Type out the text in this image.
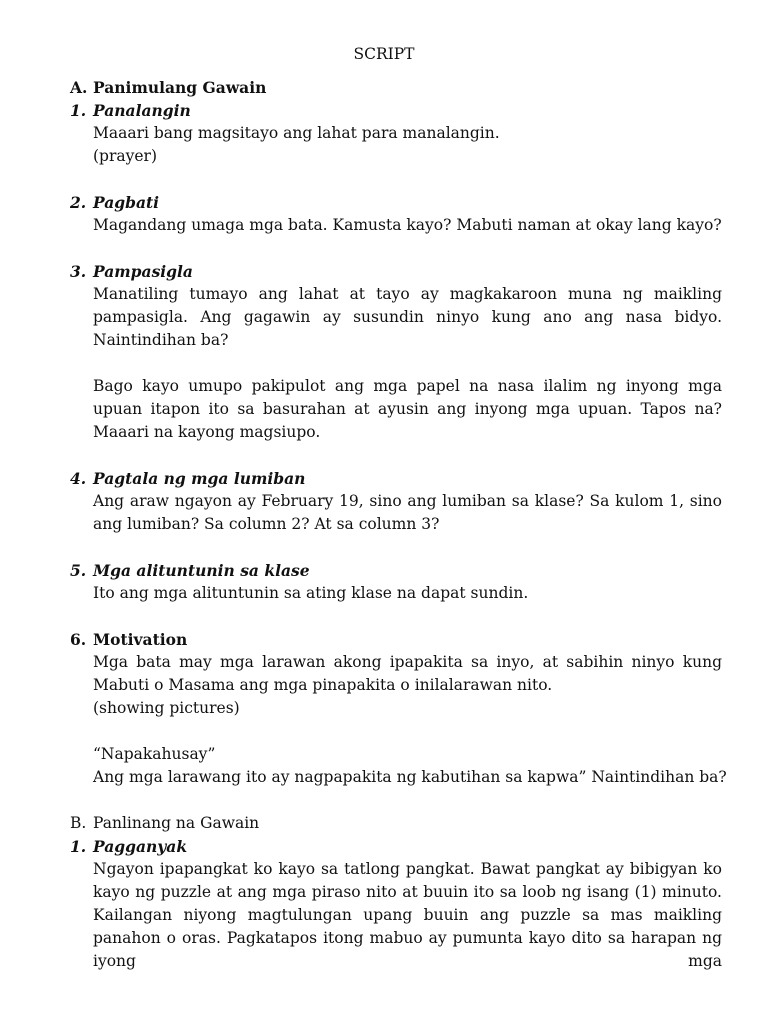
SCRIPT
A. Panimulang Gawain
1. Panalangin
Maaari bang magsitayo ang lahat para manalangin.
(prayer)
2. Pagbati
Magandang umaga mga bata. Kamusta kayo? Mabuti naman at okay lang kayo?
3. Pampasigla
Manatiling tumayo ang lahat at tayo ay magkakaroon muna ng maikling pampasigla. Ang gagawin ay susundin ninyo kung ano ang nasa bidyo. Naintindihan ba?
Bago kayo umupo pakipulot ang mga papel na nasa ilalim ng inyong mga upuan itapon ito sa basurahan at ayusin ang inyong mga upuan. Tapos na? Maaari na kayong magsiupo.
4. Pagtala ng mga lumiban
Ang araw ngayon ay February 19, sino ang lumiban sa klase? Sa kulom 1, sino ang lumiban? Sa column 2? At sa column 3?
5. Mga alituntunin sa klase
Ito ang mga alituntunin sa ating klase na dapat sundin.
6. Motivation
Mga bata may mga larawan akong ipapakita sa inyo, at sabihin ninyo kung Mabuti o Masama ang mga pinapakita o inilalarawan nito.
(showing pictures)
“Napakahusay”
Ang mga larawang ito ay nagpapakita ng kabutihan sa kapwa” Naintindihan ba?
B. Panlinang na Gawain
1. Pagganyak
Ngayon ipapangkat ko kayo sa tatlong pangkat. Bawat pangkat ay bibigyan ko kayo ng puzzle at ang mga piraso nito at buuin ito sa loob ng isang (1) minuto. Kailangan niyong magtulungan upang buuin ang puzzle sa mas maikling panahon o oras. Pagkatapos itong mabuo ay pumunta kayo dito sa harapan ng iyong mga
